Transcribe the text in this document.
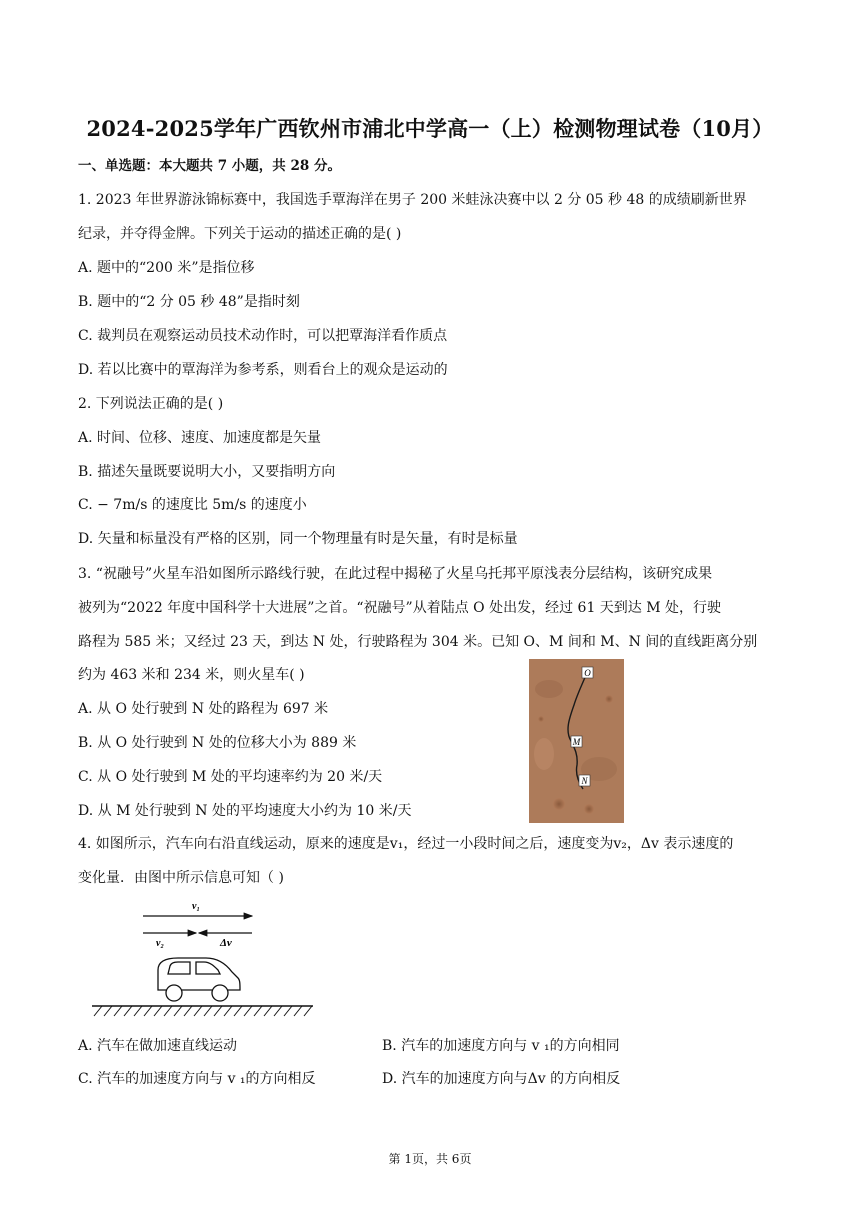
2024-2025学年广西钦州市浦北中学高一（上）检测物理试卷（10月）
一、单选题：本大题共 7 小题，共 28 分。
1. 2023 年世界游泳锦标赛中，我国选手覃海洋在男子 200 米蛙泳决赛中以 2 分 05 秒 48 的成绩刷新世界
纪录，并夺得金牌。下列关于运动的描述正确的是( )
A. 题中的“200 米”是指位移
B. 题中的“2 分 05 秒 48”是指时刻
C. 裁判员在观察运动员技术动作时，可以把覃海洋看作质点
D. 若以比赛中的覃海洋为参考系，则看台上的观众是运动的
2. 下列说法正确的是( )
A. 时间、位移、速度、加速度都是矢量
B. 描述矢量既要说明大小，又要指明方向
C. − 7m/s 的速度比 5m/s 的速度小
D. 矢量和标量没有严格的区别，同一个物理量有时是矢量，有时是标量
3. “祝融号”火星车沿如图所示路线行驶，在此过程中揭秘了火星乌托邦平原浅表分层结构，该研究成果
被列为“2022 年度中国科学十大进展”之首。“祝融号”从着陆点 O 处出发，经过 61 天到达 M 处，行驶
路程为 585 米；又经过 23 天，到达 N 处，行驶路程为 304 米。已知 O、M 间和 M、N 间的直线距离分别
约为 463 米和 234 米，则火星车( )
A. 从 O 处行驶到 N 处的路程为 697 米
B. 从 O 处行驶到 N 处的位移大小为 889 米
C. 从 O 处行驶到 M 处的平均速率约为 20 米/天
D. 从 M 处行驶到 N 处的平均速度大小约为 10 米/天
O
M
N
4. 如图所示，汽车向右沿直线运动，原来的速度是v₁，经过一小段时间之后，速度变为v₂，Δv 表示速度的
变化量．由图中所示信息可知（ )
v₁
v₂	Δv
A. 汽车在做加速直线运动	B. 汽车的加速度方向与 v ₁的方向相同
C. 汽车的加速度方向与 v ₁的方向相反	D. 汽车的加速度方向与Δv 的方向相反
第 1页，共 6页
